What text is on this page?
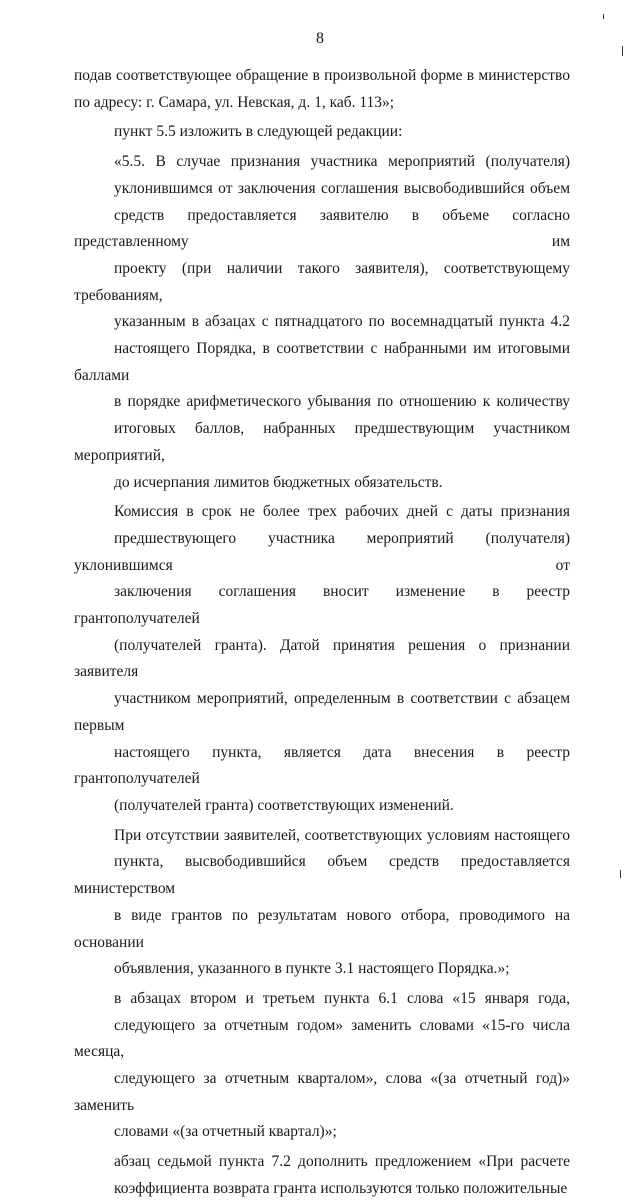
8

подав соответствующее обращение в произвольной форме в министерство
по адресу: г. Самара, ул. Невская, д. 1, каб. 113»;

пункт 5.5 изложить в следующей редакции:

«5.5. В случае признания участника мероприятий (получателя)
уклонившимся от заключения соглашения высвободившийся объем
средств предоставляется заявителю в объеме согласно представленному им
проекту (при наличии такого заявителя), соответствующему требованиям,
указанным в абзацах с пятнадцатого по восемнадцатый пункта 4.2
настоящего Порядка, в соответствии с набранными им итоговыми баллами
в порядке арифметического убывания по отношению к количеству
итоговых баллов, набранных предшествующим участником мероприятий,
до исчерпания лимитов бюджетных обязательств.

Комиссия в срок не более трех рабочих дней с даты признания
предшествующего участника мероприятий (получателя) уклонившимся от
заключения соглашения вносит изменение в реестр грантополучателей
(получателей гранта). Датой принятия решения о признании заявителя
участником мероприятий, определенным в соответствии с абзацем первым
настоящего пункта, является дата внесения в реестр грантополучателей
(получателей гранта) соответствующих изменений.

При отсутствии заявителей, соответствующих условиям настоящего
пункта, высвободившийся объем средств предоставляется министерством
в виде грантов по результатам нового отбора, проводимого на основании
объявления, указанного в пункте 3.1 настоящего Порядка.»;

в абзацах втором и третьем пункта 6.1 слова «15 января года,
следующего за отчетным годом» заменить словами «15-го числа месяца,
следующего за отчетным кварталом», слова «(за отчетный год)» заменить
словами «(за отчетный квартал)»;

абзац седьмой пункта 7.2 дополнить предложением «При расчете
коэффициента возврата гранта используются только положительные
